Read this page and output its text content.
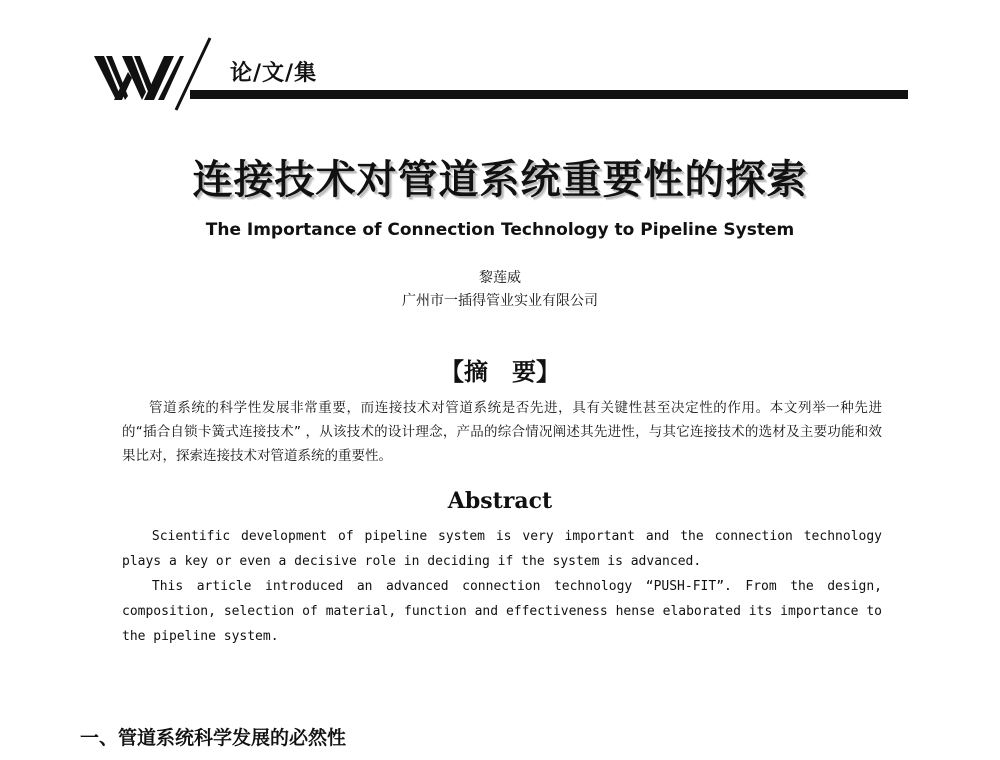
论/文/集
连接技术对管道系统重要性的探索
The Importance of Connection Technology to Pipeline System
黎莲威
广州市一插得管业实业有限公司
【摘　要】

管道系统的科学性发展非常重要，而连接技术对管道系统是否先进，具有关键性甚至决定性的作用。本文列举一种先进的“插合自锁卡簧式连接技术” ，从该技术的设计理念，产品的综合情况阐述其先进性，与其它连接技术的选材及主要功能和效果比对，探索连接技术对管道系统的重要性。

Abstract

Scientific development of pipeline system is very important and the connection technology plays a key or even a decisive role in deciding if the system is advanced.

This article introduced an advanced connection technology “PUSH-FIT”. From the design, composition, selection of material, function and effectiveness hense elaborated its importance to the pipeline system.

一、管道系统科学发展的必然性
